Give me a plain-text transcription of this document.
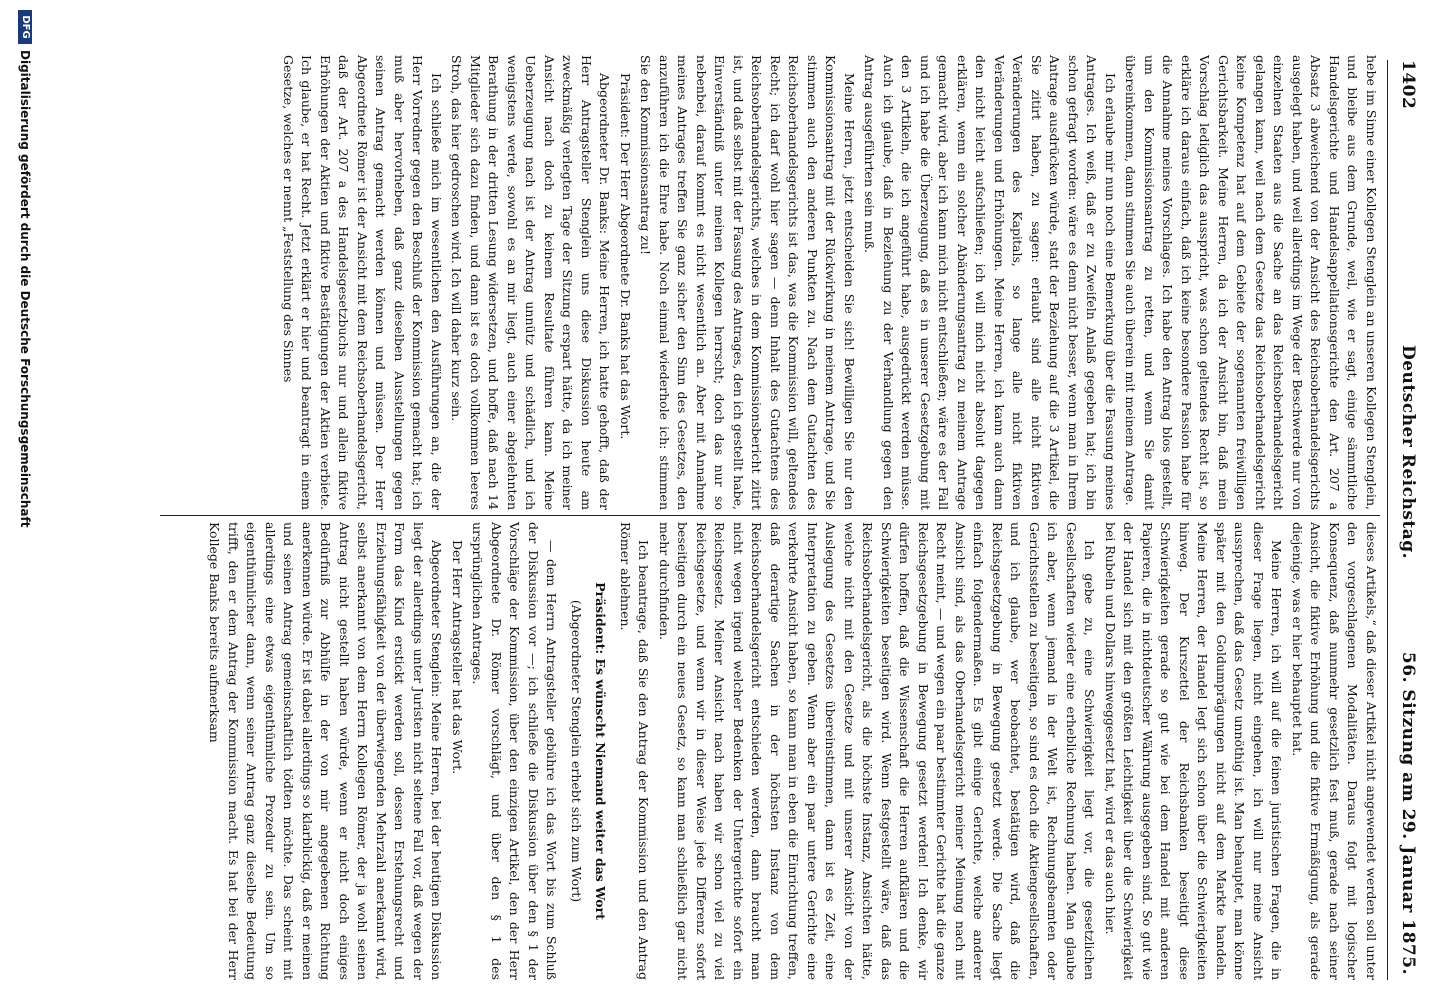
1402
Deutscher Reichstag.
56. Sitzung am 29. Januar 1875.

hebe im Sinne einer Kollegen Stenglein an unseren Kollegen Stenglein, und bleibe aus dem Grunde, weil, wie er sagt, einige sämmtliche Handelsgerichte und Handelsappellationsgerichte den Art. 207 a Absatz 3 abweichend von der Ansicht des Reichsoberhandelsgerichts ausgelegt haben, und weil allerdings im Wege der Beschwerde nur von einzelnen Staaten aus die Sache an das Reichsoberhandelsgericht gelangen kann, weil nach dem Gesetze das Reichsoberhandelsgericht keine Kompetenz hat auf dem Gebiete der sogenannten freiwilligen Gerichtsbarkeit. Meine Herren, da ich der Ansicht bin, daß mein Vorschlag lediglich das ausspricht, was schon geltendes Recht ist, so erkläre ich daraus einfach, daß ich keine besondere Passion habe für die Annahme meines Vorschlages. Ich habe den Antrag blos gestellt, um den Kommissionsantrag zu retten, und wenn Sie damit übereinkommen, dann stimmen Sie auch überein mit meinem Antrage.

Ich erlaube mir nun noch eine Bemerkung über die Fassung meines Antrages. Ich weiß, daß er zu Zweifeln Anlaß gegeben hat; ich bin schon gefragt worden: wäre es denn nicht besser, wenn man in Ihrem Antrage ausdrücken würde, statt der Beziehung auf die 3 Artikel, die Sie zitirt haben, zu sagen: erlaubt sind alle nicht fiktiven Veränderungen des Kapitals, so lange alle nicht fiktiven Veränderungen und Erhöhungen. Meine Herren, ich kann auch dann den nicht leicht aufschließen; ich will mich nicht absolut dagegen erklären, wenn ein solcher Abänderungsantrag zu meinem Antrage gemacht wird, aber ich kann mich nicht entschließen; wäre es der Fall und ich habe die Überzeugung, daß es in unserer Gesetzgebung mit den 3 Artikeln, die ich angeführt habe, ausgedrückt werden müsse. Auch ich glaube, daß in Beziehung zu der Verhandlung gegen den Antrag ausgeführten sein muß.

Meine Herren, jetzt entscheiden Sie sich! Bewilligen Sie nur den Kommissionsantrag mit der Rückwirkung in meinem Antrage, und Sie stimmen auch den anderen Punkten zu. Nach dem Gutachten des Reichsoberhandelsgerichts ist das, was die Kommission will, geltendes Recht; ich darf wohl hier sagen — denn Inhalt des Gutachtens des Reichsoberhandelsgerichts, welches in dem Kommissionsbericht zitirt ist, und daß selbst mit der Fassung des Antrages, den ich gestellt habe, Einverständniß unter meinen Kollegen herrscht; doch das nur so nebenbei, darauf kommt es nicht wesentlich an. Aber mit Annahme meines Antrages treffen Sie ganz sicher den Sinn des Gesetzes, den anzuführen ich die Ehre habe. Noch einmal wiederhole ich: stimmen Sie den Kommissionsantrag zu!

Präsident: Der Herr Abgeordnete Dr. Banks hat das Wort.

Abgeordneter Dr. Banks: Meine Herren, ich hatte gehofft, daß der Herr Antragsteller Stenglein uns diese Diskussion heute am zweckmäßig verlegten Tage der Sitzung erspart hätte, da ich meiner Ansicht nach doch zu keinem Resultate führen kann. Meine Ueberzeugung nach ist der Antrag unnütz und schädlich, und ich wenigstens werde, sowohl es an mir liegt, auch einer abgelehnten Berathung in der dritten Lesung widersetzen, und hoffe, daß nach 14 Mitglieder sich dazu finden, und dann ist es doch vollkommen leeres Stroh, das hier gedroschen wird. Ich will daher kurz sein.

Ich schließe mich im wesentlichen den Ausführungen an, die der Herr Vorredner gegen den Beschluß der Kommission gemacht hat; ich muß aber hervorheben, daß ganz dieselben Ausstellungen gegen seinen Antrag gemacht werden können und müssen. Der Herr Abgeordnete Römer ist der Ansicht mit dem Reichsoberhandelsgericht, daß der Art. 207 a des Handelsgesetzbuchs nur und allein fiktive Erhöhungen der Aktien und fiktive Bestätigungen der Aktien verbiete. Ich glaube, er hat Recht. Jetzt erklärt er hier und beantragt in einem Gesetze, welches er nennt „Feststellung des Sinnes

dieses Artikels,“ daß dieser Artikel nicht angewendet werden soll unter den vorgeschlagenen Modalitäten. Daraus folgt mit logischer Konsequenz, daß nunmehr gesetzlich fest muß, gerade nach seiner Ansicht, die fiktive Erhöhung und die fiktive Ermäßigung, als gerade diejenige, was er hier behauptet hat.

Meine Herren, ich will auf die feinen juristischen Fragen, die in dieser Frage liegen, nicht eingehen, ich will nur meine Ansicht aussprechen, daß das Gesetz unnöthig ist. Man behauptet, man könne später mit den Goldumprägungen nicht auf dem Markte handeln. Meine Herren, der Handel legt sich schon über die Schwierigkeiten hinweg. Der Kurszettel der Reichsbanken beseitigt diese Schwierigkeiten gerade so gut wie bei dem Handel mit anderen Papieren, die in nichtdeutscher Währung ausgegeben sind. So gut wie der Handel sich mit den größten Leichtigkeit über die Schwierigkeit bei Rubeln und Dollars hinweggesetzt hat, wird er das auch hier.

Ich gebe zu, eine Schwierigkeit liegt vor, die gesetzlichen Gesellschaften wieder eine erhebliche Rechnung haben. Man glaube ich aber, wenn jemand in der Welt ist, Rechnungsbeamten oder Gerichtsstellen zu beseitigen, so sind es doch die Aktiengesellschaften, und ich glaube, wer beobachtet, bestätigen wird, daß die Reichsgesetzgebung in Bewegung gesetzt werde. Die Sache liegt einfach folgendermaßen. Es gibt einige Gerichte, welche anderer Ansicht sind, als das Oberhandelsgericht meiner Meinung nach mit Recht meint, — und wegen ein paar bestimmter Gerichte hat die ganze Reichsgesetzgebung in Bewegung gesetzt werden! Ich denke, wir dürfen hoffen, daß die Wissenschaft die Herren aufklären und die Schwierigkeiten beseitigen wird. Wenn festgestellt wäre, daß das Reichsoberhandelsgericht, als die höchste Instanz, Ansichten hätte, welche nicht mit den Gesetze und mit unserer Ansicht von der Auslegung des Gesetzes übereinstimmen, dann ist es Zeit, eine Interpretation zu geben. Wenn aber ein paar untere Gerichte eine verkehrte Ansicht haben, so kann man in eben die Einrichtung treffen, daß derartige Sachen in der höchsten Instanz von dem Reichsoberhandelsgericht entschieden werden, dann braucht man nicht wegen irgend welcher Bedenken der Untergerichte sofort ein Reichsgesetz. Meiner Ansicht nach haben wir schon viel zu viel Reichsgesetze, und wenn wir in dieser Weise jede Differenz sofort beseitigen durch ein neues Gesetz, so kann man schließlich gar nicht mehr durchfinden.

Ich beantrage, daß Sie den Antrag der Kommission und den Antrag Römer ablehnen.

Präsident: Es wünscht Niemand weiter das Wort

(Abgeordneter Stenglein erhebt sich zum Wort)

— dem Herrn Antragsteller gebühre ich das Wort bis zum Schluß der Diskussion vor —; ich schließe die Diskussion über den § 1 der Vorschläge der Kommission, über den einzigen Artikel, den der Herr Abgeordnete Dr. Römer vorschlägt, und über den § 1 des ursprünglichen Antrages.

Der Herr Antragsteller hat das Wort.

Abgeordneter Stenglein: Meine Herren, bei der heutigen Diskussion liegt der allerdings unter Juristen nicht seltene Fall vor, daß wegen der Form das Kind erstickt werden soll, dessen Erstehungsrecht und Erziehungsfähigkeit von der überwiegenden Mehrzahl anerkannt wird, selbst anerkannt von dem Herrn Kollegen Römer, der ja wohl seinen Antrag nicht gestellt haben würde, wenn er nicht doch einiges Bedürfniß zur Abhülfe in der von mir angegebenen Richtung anerkennen würde. Er ist dabei allerdings so klarblickig, daß er meinen und seinen Antrag gemeinschaftlich tödten möchte. Das scheint mit allerdings eine etwas eigenthümliche Prozedur zu sein. Um so eigenthümlicher dann, wenn seiner Antrag ganz dieselbe Bedeutung trifft, den er dem Antrag der Kommission macht. Es hat bei der Herr Kollege Banks bereits aufmerksam

DFG
Digitalisierung gefördert durch die Deutsche Forschungsgemeinschaft
